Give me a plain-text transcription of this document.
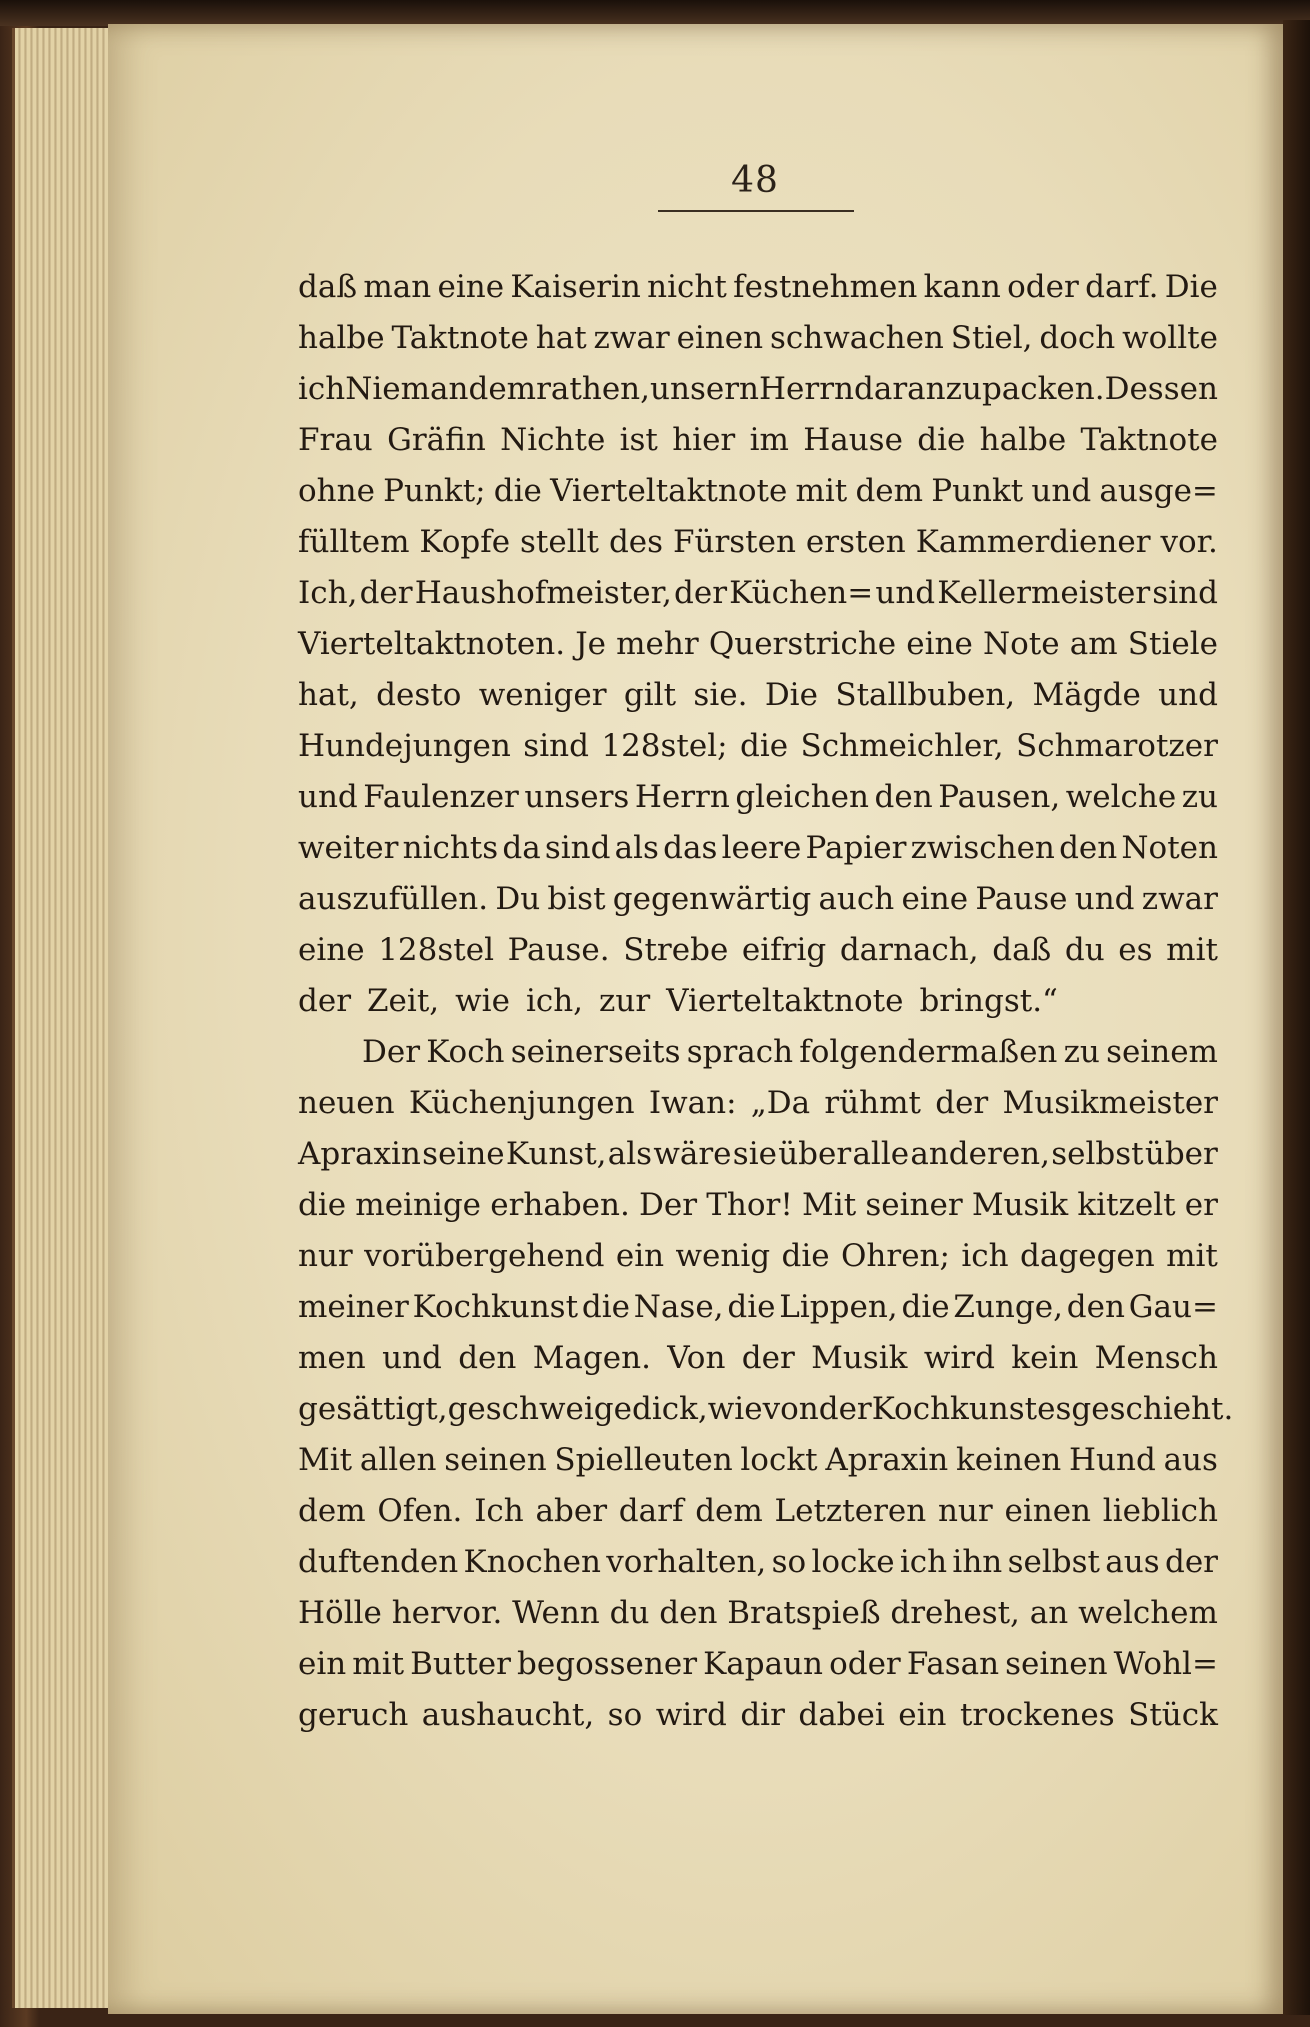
48
daß man eine Kaiserin nicht festnehmen kann oder darf. Die
halbe Taktnote hat zwar einen schwachen Stiel, doch wollte
ich Niemandem rathen, unsern Herrn daran zu packen. Dessen
Frau Gräfin Nichte ist hier im Hause die halbe Taktnote
ohne Punkt; die Vierteltaktnote mit dem Punkt und ausge=
fülltem Kopfe stellt des Fürsten ersten Kammerdiener vor.
Ich, der Haushofmeister, der Küchen= und Kellermeister sind
Vierteltaktnoten. Je mehr Querstriche eine Note am Stiele
hat, desto weniger gilt sie. Die Stallbuben, Mägde und
Hundejungen sind 128stel; die Schmeichler, Schmarotzer
und Faulenzer unsers Herrn gleichen den Pausen, welche zu
weiter nichts da sind als das leere Papier zwischen den Noten
auszufüllen. Du bist gegenwärtig auch eine Pause und zwar
eine 128stel Pause. Strebe eifrig darnach, daß du es mit
der Zeit, wie ich, zur Vierteltaktnote bringst.“
Der Koch seinerseits sprach folgendermaßen zu seinem
neuen Küchenjungen Iwan: „Da rühmt der Musikmeister
Apraxin seine Kunst, als wäre sie über alle anderen, selbst über
die meinige erhaben. Der Thor! Mit seiner Musik kitzelt er
nur vorübergehend ein wenig die Ohren; ich dagegen mit
meiner Kochkunst die Nase, die Lippen, die Zunge, den Gau=
men und den Magen. Von der Musik wird kein Mensch
gesättigt, geschweige dick, wie von der Kochkunst es geschieht.
Mit allen seinen Spielleuten lockt Apraxin keinen Hund aus
dem Ofen. Ich aber darf dem Letzteren nur einen lieblich
duftenden Knochen vorhalten, so locke ich ihn selbst aus der
Hölle hervor. Wenn du den Bratspieß drehest, an welchem
ein mit Butter begossener Kapaun oder Fasan seinen Wohl=
geruch aushaucht, so wird dir dabei ein trockenes Stück
